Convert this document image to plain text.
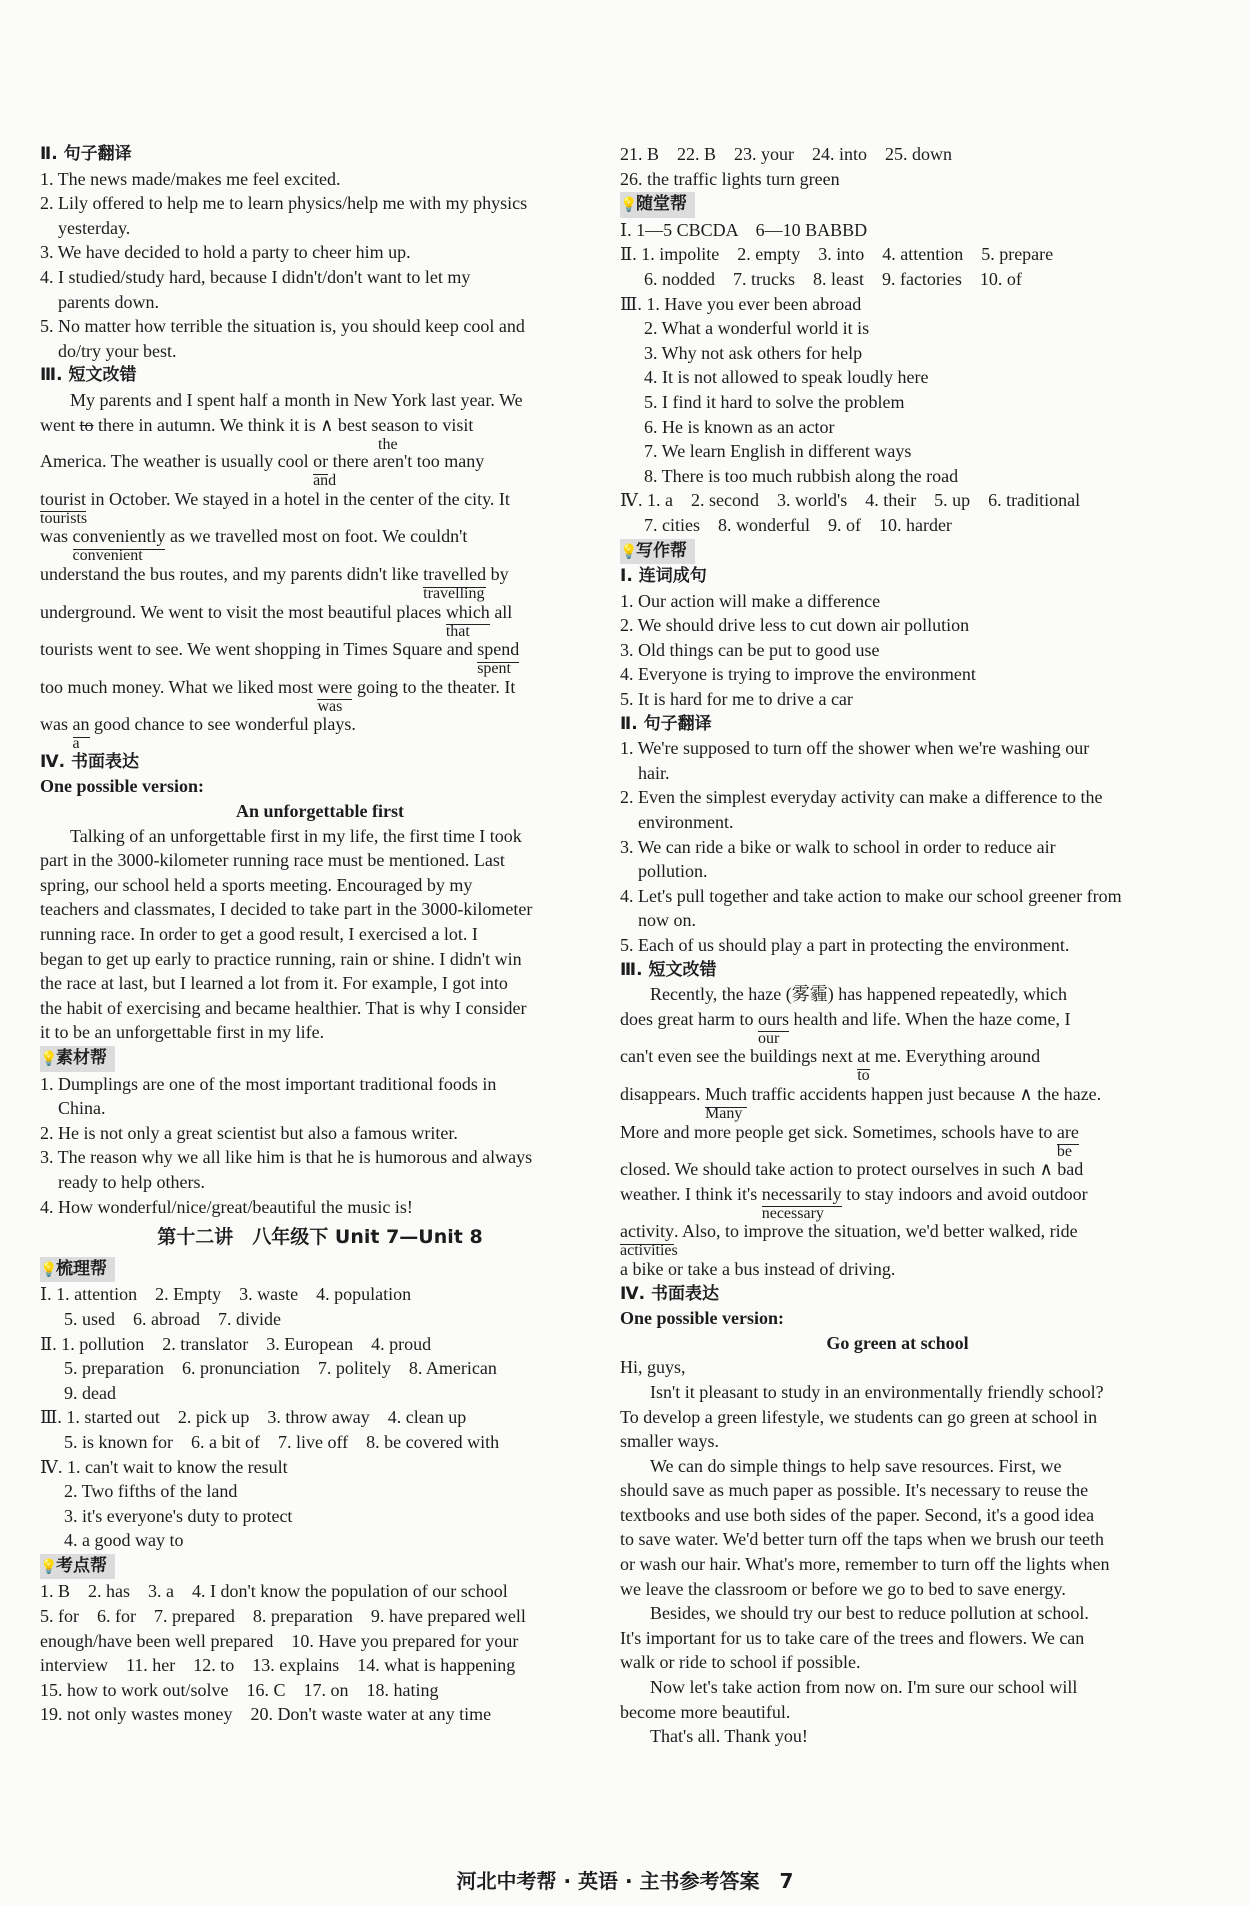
Ⅱ. 句子翻译
1. The news made/makes me feel excited.
2. Lily offered to help me to learn physics/help me with my physics
yesterday.
3. We have decided to hold a party to cheer him up.
4. I studied/study hard, because I didn't/don't want to let my
parents down.
5. No matter how terrible the situation is, you should keep cool and
do/try your best.
Ⅲ. 短文改错
My parents and I spent half a month in New York last year. We
went to there in autumn. We think it is ∧ best season to visit
the
America. The weather is usually cool or
and
there aren't too many
tourist
tourists
in October. We stayed in a hotel in the center of the city. It
was conveniently
convenient
as we travelled most on foot. We couldn't
understand the bus routes, and my parents didn't like travelled
travelling
by
underground. We went to visit the most beautiful places which
that
all
tourists went to see. We went shopping in Times Square and spend
spent
too much money. What we liked most were
was
going to the theater. It
was an
a
good chance to see wonderful plays.
Ⅳ. 书面表达
One possible version:
An unforgettable first
Talking of an unforgettable first in my life, the first time I took
part in the 3000-kilometer running race must be mentioned. Last
spring, our school held a sports meeting. Encouraged by my
teachers and classmates, I decided to take part in the 3000-kilometer
running race. In order to get a good result, I exercised a lot. I
began to get up early to practice running, rain or shine. I didn't win
the race at last, but I learned a lot from it. For example, I got into
the habit of exercising and became healthier. That is why I consider
it to be an unforgettable first in my life.
💡素材帮
1. Dumplings are one of the most important traditional foods in
China.
2. He is not only a great scientist but also a famous writer.
3. The reason why we all like him is that he is humorous and always
ready to help others.
4. How wonderful/nice/great/beautiful the music is!
第十二讲　八年级下 Unit 7—Unit 8
💡梳理帮
Ⅰ. 1. attention　2. Empty　3. waste　4. population
5. used　6. abroad　7. divide
Ⅱ. 1. pollution　2. translator　3. European　4. proud
5. preparation　6. pronunciation　7. politely　8. American
9. dead
Ⅲ. 1. started out　2. pick up　3. throw away　4. clean up
5. is known for　6. a bit of　7. live off　8. be covered with
Ⅳ. 1. can't wait to know the result
2. Two fifths of the land
3. it's everyone's duty to protect
4. a good way to
💡考点帮
1. B　2. has　3. a　4. I don't know the population of our school
5. for　6. for　7. prepared　8. preparation　9. have prepared well
enough/have been well prepared　10. Have you prepared for your
interview　11. her　12. to　13. explains　14. what is happening
15. how to work out/solve　16. C　17. on　18. hating
19. not only wastes money　20. Don't waste water at any time
21. B　22. B　23. your　24. into　25. down
26. the traffic lights turn green
💡随堂帮
Ⅰ. 1—5 CBCDA　6—10 BABBD
Ⅱ. 1. impolite　2. empty　3. into　4. attention　5. prepare
6. nodded　7. trucks　8. least　9. factories　10. of
Ⅲ. 1. Have you ever been abroad
2. What a wonderful world it is
3. Why not ask others for help
4. It is not allowed to speak loudly here
5. I find it hard to solve the problem
6. He is known as an actor
7. We learn English in different ways
8. There is too much rubbish along the road
Ⅳ. 1. a　2. second　3. world's　4. their　5. up　6. traditional
7. cities　8. wonderful　9. of　10. harder
💡写作帮
Ⅰ. 连词成句
1. Our action will make a difference
2. We should drive less to cut down air pollution
3. Old things can be put to good use
4. Everyone is trying to improve the environment
5. It is hard for me to drive a car
Ⅱ. 句子翻译
1. We're supposed to turn off the shower when we're washing our
hair.
2. Even the simplest everyday activity can make a difference to the
environment.
3. We can ride a bike or walk to school in order to reduce air
pollution.
4. Let's pull together and take action to make our school greener from
now on.
5. Each of us should play a part in protecting the environment.
Ⅲ. 短文改错
Recently, the haze (雾霾) has happened repeatedly, which
does great harm to ours
our
health and life. When the haze come, I
can't even see the buildings next at
to
me. Everything around
disappears. Much
Many
traffic accidents happen just because ∧ the haze.
More and more people get sick. Sometimes, schools have to are
be
closed. We should take action to protect ourselves in such ∧ bad
weather. I think it's necessarily
necessary
to stay indoors and avoid outdoor
activity
activities
. Also, to improve the situation, we'd better walked, ride
a bike or take a bus instead of driving.
Ⅳ. 书面表达
One possible version:
Go green at school
Hi, guys,
Isn't it pleasant to study in an environmentally friendly school?
To develop a green lifestyle, we students can go green at school in
smaller ways.
We can do simple things to help save resources. First, we
should save as much paper as possible. It's necessary to reuse the
textbooks and use both sides of the paper. Second, it's a good idea
to save water. We'd better turn off the taps when we brush our teeth
or wash our hair. What's more, remember to turn off the lights when
we leave the classroom or before we go to bed to save energy.
Besides, we should try our best to reduce pollution at school.
It's important for us to take care of the trees and flowers. We can
walk or ride to school if possible.
Now let's take action from now on. I'm sure our school will
become more beautiful.
That's all. Thank you!
河北中考帮 · 英语 · 主书参考答案　7
